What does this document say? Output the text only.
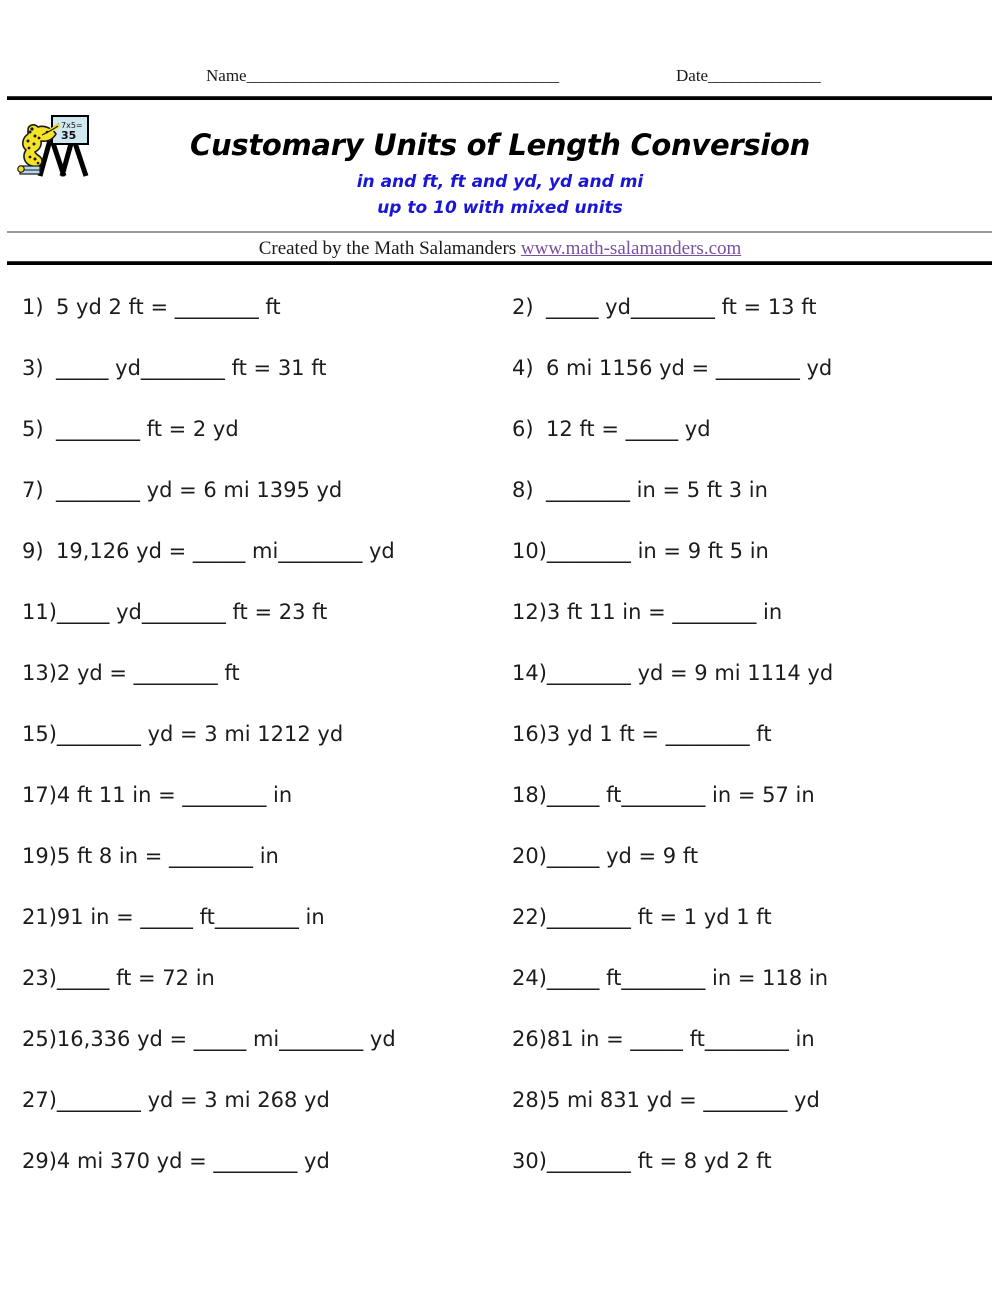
Name_______________________________________	Date______________
7x5=
35	Customary Units of Length Conversion
in and ft, ft and yd, yd and mi
up to 10 with mixed units
Created by the Math Salamanders www.math-salamanders.com
1) 5 yd 2 ft = ________ ft	2) _____ yd________ ft = 13 ft
3) _____ yd________ ft = 31 ft	4) 6 mi 1156 yd = ________ yd
5) ________ ft = 2 yd	6) 12 ft = _____ yd
7) ________ yd = 6 mi 1395 yd	8) ________ in = 5 ft 3 in
9) 19,126 yd = _____ mi________ yd	10)________ in = 9 ft 5 in
11)_____ yd________ ft = 23 ft	12)3 ft 11 in = ________ in
13)2 yd = ________ ft	14)________ yd = 9 mi 1114 yd
15)________ yd = 3 mi 1212 yd	16)3 yd 1 ft = ________ ft
17)4 ft 11 in = ________ in	18)_____ ft________ in = 57 in
19)5 ft 8 in = ________ in	20)_____ yd = 9 ft
21)91 in = _____ ft________ in	22)________ ft = 1 yd 1 ft
23)_____ ft = 72 in	24)_____ ft________ in = 118 in
25)16,336 yd = _____ mi________ yd	26)81 in = _____ ft________ in
27)________ yd = 3 mi 268 yd	28)5 mi 831 yd = ________ yd
29)4 mi 370 yd = ________ yd	30)________ ft = 8 yd 2 ft
